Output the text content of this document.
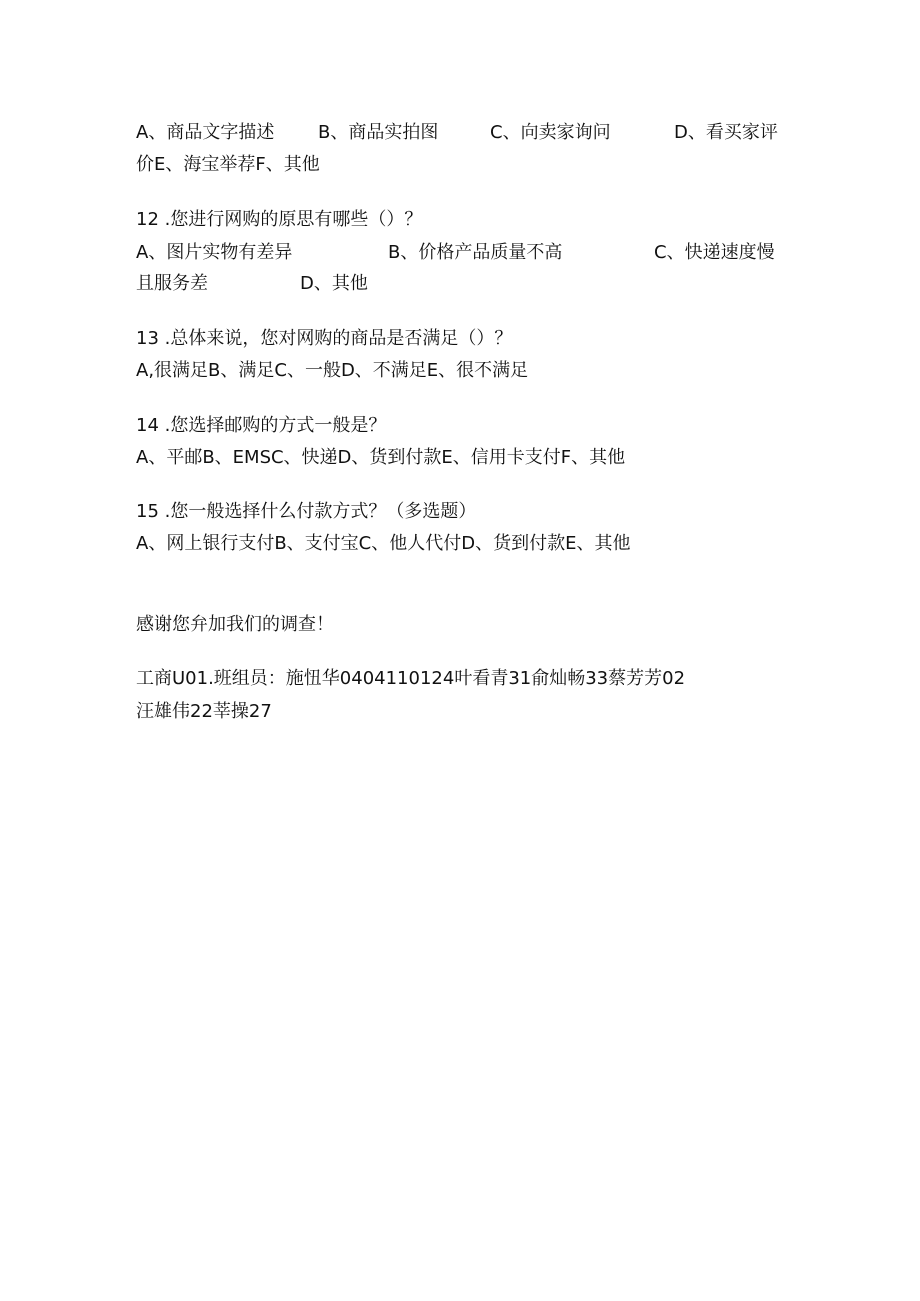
A、商品文字描述 B、商品实拍图	C、向卖家询问	D、看买家评
价E、海宝举荐F、其他
12 .您进行网购的原思有哪些（）？
A、图片实物有差异	B、价格产品质量不高	C、快递速度慢
且服务差	D、其他
13 .总体来说，您对网购的商品是否满足（）？
A,很满足B、满足C、一般D、不满足E、很不满足
14 .您选择邮购的方式一般是？
A、平邮B、EMSC、快递D、货到付款E、信用卡支付F、其他
15 .您一般选择什么付款方式？（多选题）
A、网上银行支付B、支付宝C、他人代付D、货到付款E、其他
感谢您弁加我们的调查！
工商U01.班组员：施忸华0404110124叶看青31俞灿畅33蔡芳芳02
汪雄伟22莘操27
